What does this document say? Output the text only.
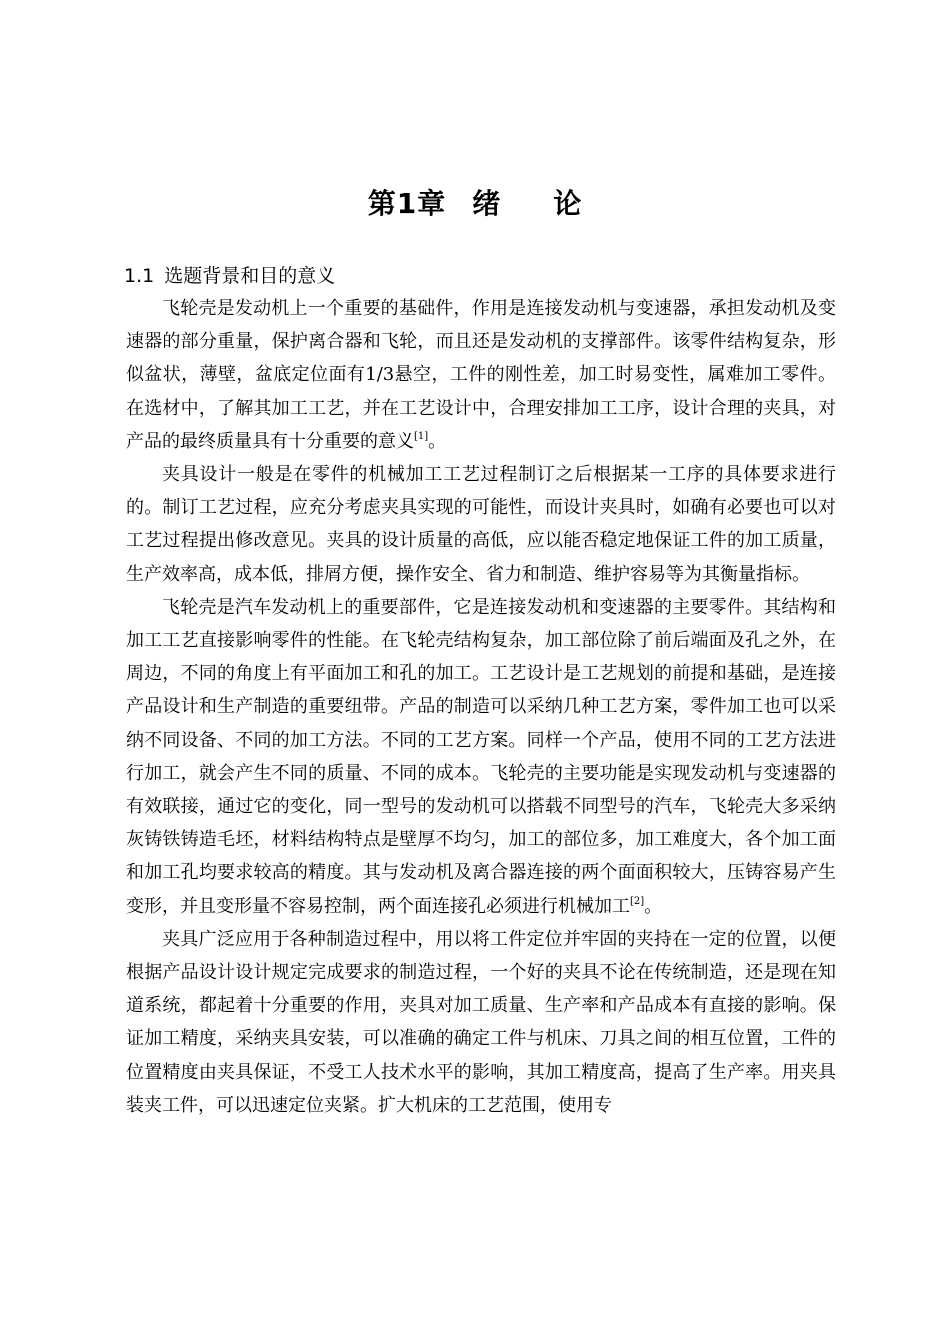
第1章 绪 论
1.1 选题背景和目的意义

飞轮壳是发动机上一个重要的基础件，作用是连接发动机与变速器，承担发动机及变速器的部分重量，保护离合器和飞轮，而且还是发动机的支撑部件。该零件结构复杂，形似盆状，薄壁，盆底定位面有1/3悬空，工件的刚性差，加工时易变性，属难加工零件。在选材中，了解其加工工艺，并在工艺设计中，合理安排加工工序，设计合理的夹具，对产品的最终质量具有十分重要的意义[1]。

夹具设计一般是在零件的机械加工工艺过程制订之后根据某一工序的具体要求进行的。制订工艺过程，应充分考虑夹具实现的可能性，而设计夹具时，如确有必要也可以对工艺过程提出修改意见。夹具的设计质量的高低，应以能否稳定地保证工件的加工质量，生产效率高，成本低，排屑方便，操作安全、省力和制造、维护容易等为其衡量指标。

飞轮壳是汽车发动机上的重要部件，它是连接发动机和变速器的主要零件。其结构和加工工艺直接影响零件的性能。在飞轮壳结构复杂，加工部位除了前后端面及孔之外，在周边，不同的角度上有平面加工和孔的加工。工艺设计是工艺规划的前提和基础，是连接产品设计和生产制造的重要纽带。产品的制造可以采纳几种工艺方案，零件加工也可以采纳不同设备、不同的加工方法。不同的工艺方案。同样一个产品，使用不同的工艺方法进行加工，就会产生不同的质量、不同的成本。飞轮壳的主要功能是实现发动机与变速器的有效联接，通过它的变化，同一型号的发动机可以搭载不同型号的汽车，飞轮壳大多采纳灰铸铁铸造毛坯，材料结构特点是壁厚不均匀，加工的部位多，加工难度大，各个加工面和加工孔均要求较高的精度。其与发动机及离合器连接的两个面面积较大，压铸容易产生变形，并且变形量不容易控制，两个面连接孔必须进行机械加工[2]。

夹具广泛应用于各种制造过程中，用以将工件定位并牢固的夹持在一定的位置，以便根据产品设计设计规定完成要求的制造过程，一个好的夹具不论在传统制造，还是现在知道系统，都起着十分重要的作用，夹具对加工质量、生产率和产品成本有直接的影响。保证加工精度，采纳夹具安装，可以准确的确定工件与机床、刀具之间的相互位置，工件的位置精度由夹具保证，不受工人技术水平的影响，其加工精度高，提高了生产率。用夹具装夹工件，可以迅速定位夹紧。扩大机床的工艺范围，使用专
